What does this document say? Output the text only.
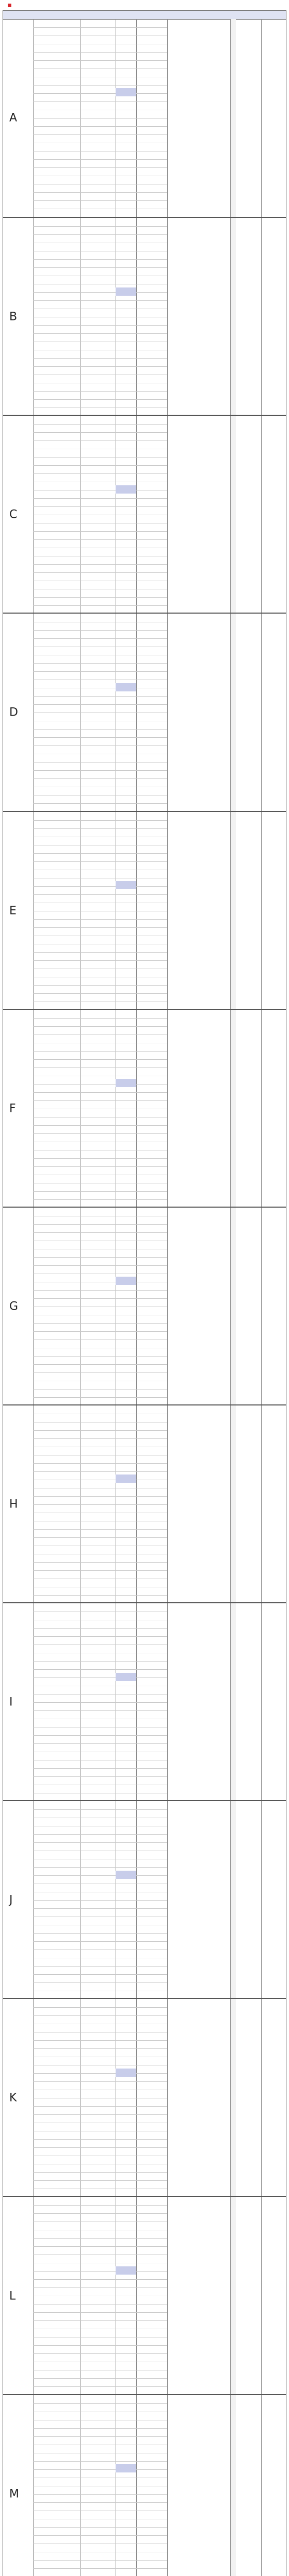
A
B
C
D
E
F
G
H
I
J
K
L
M
